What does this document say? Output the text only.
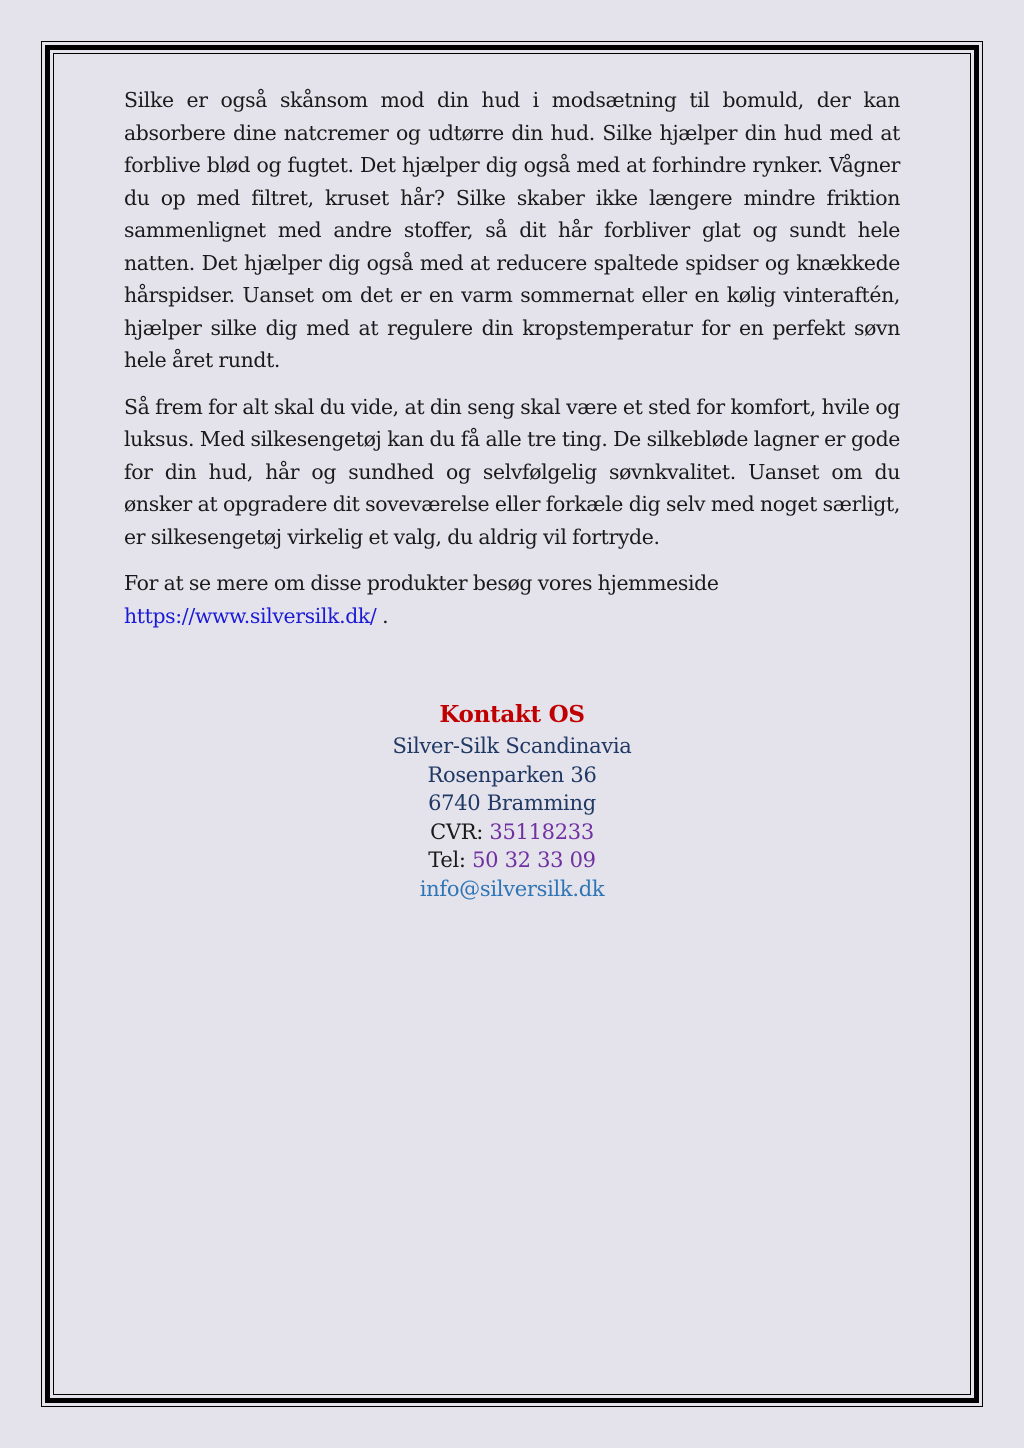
Silke er også skånsom mod din hud i modsætning til bomuld, der kan absorbere dine natcremer og udtørre din hud. Silke hjælper din hud med at forblive blød og fugtet. Det hjælper dig også med at forhindre rynker. Vågner du op med filtret, kruset hår? Silke skaber ikke længere mindre friktion sammenlignet med andre stoffer, så dit hår forbliver glat og sundt hele natten. Det hjælper dig også med at reducere spaltede spidser og knækkede hårspidser. Uanset om det er en varm sommernat eller en kølig vinteraftén, hjælper silke dig med at regulere din kropstemperatur for en perfekt søvn hele året rundt.

Så frem for alt skal du vide, at din seng skal være et sted for komfort, hvile og luksus. Med silkesengetøj kan du få alle tre ting. De silkebløde lagner er gode for din hud, hår og sundhed og selvfølgelig søvnkvalitet. Uanset om du ønsker at opgradere dit soveværelse eller forkæle dig selv med noget særligt, er silkesengetøj virkelig et valg, du aldrig vil fortryde.

For at se mere om disse produkter besøg vores hjemmeside
https://www.silversilk.dk/ .

Kontakt OS
Silver-Silk Scandinavia
Rosenparken 36
6740 Bramming
CVR: 35118233
Tel: 50 32 33 09
info@silversilk.dk
